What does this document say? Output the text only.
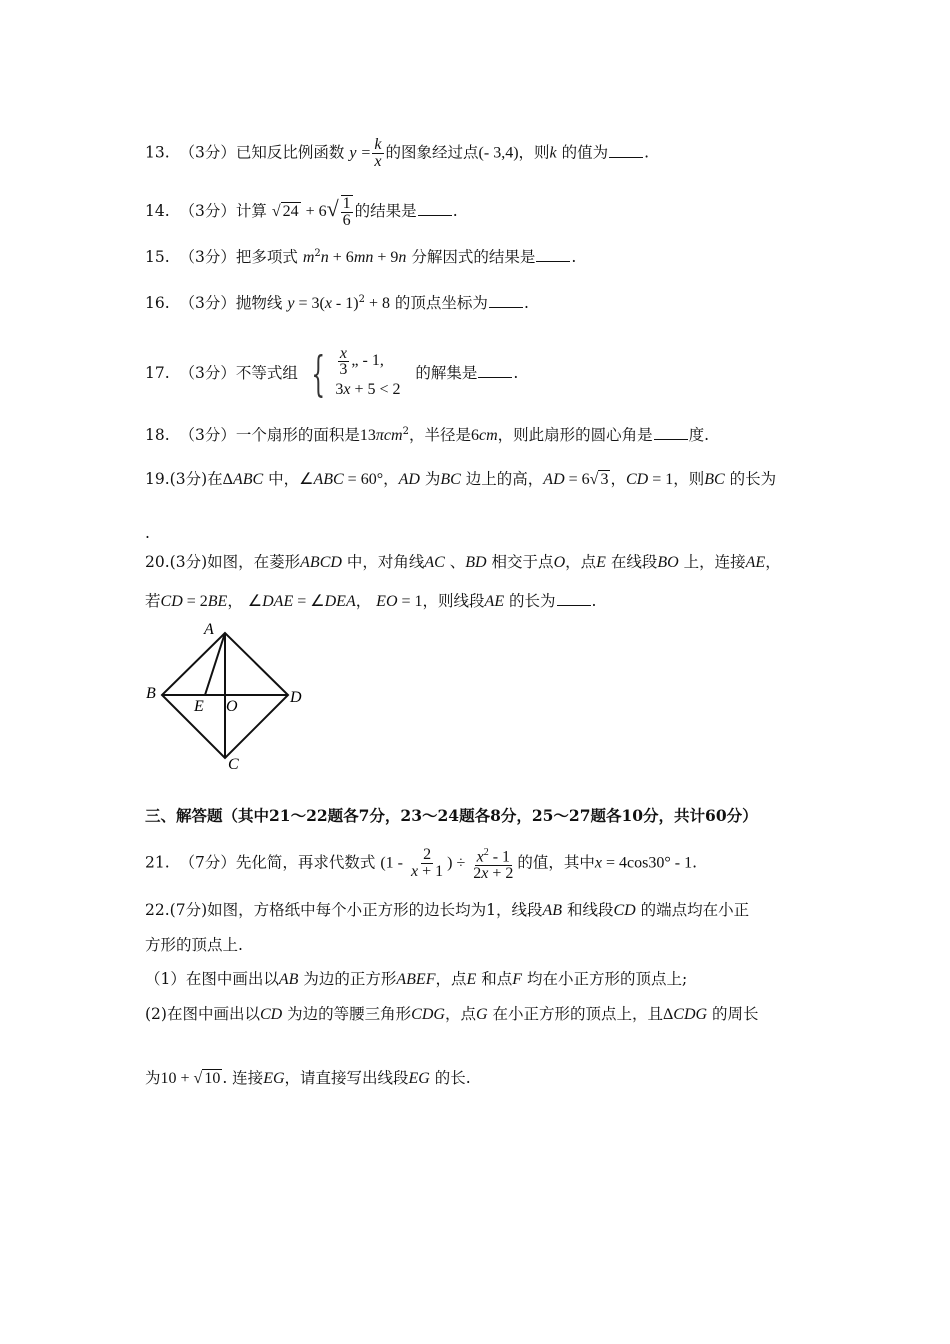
13. （3分）已知反比例函数 $y = \frac{k}{x}$ 的图象经过点(- 3,4)，则k 的值为 .
14. （3分）计算 √ $24 + 6√ \frac{1}{6}$ 的结果是 .
15. （3分）把多项式 $m^2n + 6mn + 9n$ 分解因式的结果是 .
16. （3分）抛物线 y = 3(x - 1)$^2$ + 8 的顶点坐标为 .
17. （3分）不等式组 { $\frac{x}{3}$ „ - 1,
3x + 5 < 2
的解集是 .
18. （3分）一个扇形的面积是13πcm$^2$，半径是6cm，则此扇形的圆心角是 度.
19.(3分)在ΔABC 中，∠ABC = 60°，AD 为BC 边上的高，AD = 6√ 3 ，CD = 1，则BC 的长为
.
20.(3分)如图，在菱形ABCD 中，对角线AC 、BD 相交于点O，点E 在线段BO 上，连接AE，
若CD = 2BE， ∠DAE = ∠DEA， EO = 1，则线段AE 的长为 .
A
B
C
D
E O
三、解答题（其中21～22题各7分，23～24题各8分，25～27题各10分，共计60分）
21. （7分）先化简，再求代数式 ($1 - \frac{2}{x + 1}$ ) ÷ $\frac{x^2 - 1}{2x + 2}$ 的值，其中x = 4cos30° - 1.
22.(7分)如图，方格纸中每个小正方形的边长均为1，线段AB 和线段CD 的端点均在小正
方形的顶点上.
（1）在图中画出以AB 为边的正方形ABEF，点E 和点F 均在小正方形的顶点上;
(2)在图中画出以CD 为边的等腰三角形CDG，点G 在小正方形的顶点上，且ΔCDG 的周长
为10 + √ 10 . 连接EG，请直接写出线段EG 的长.
